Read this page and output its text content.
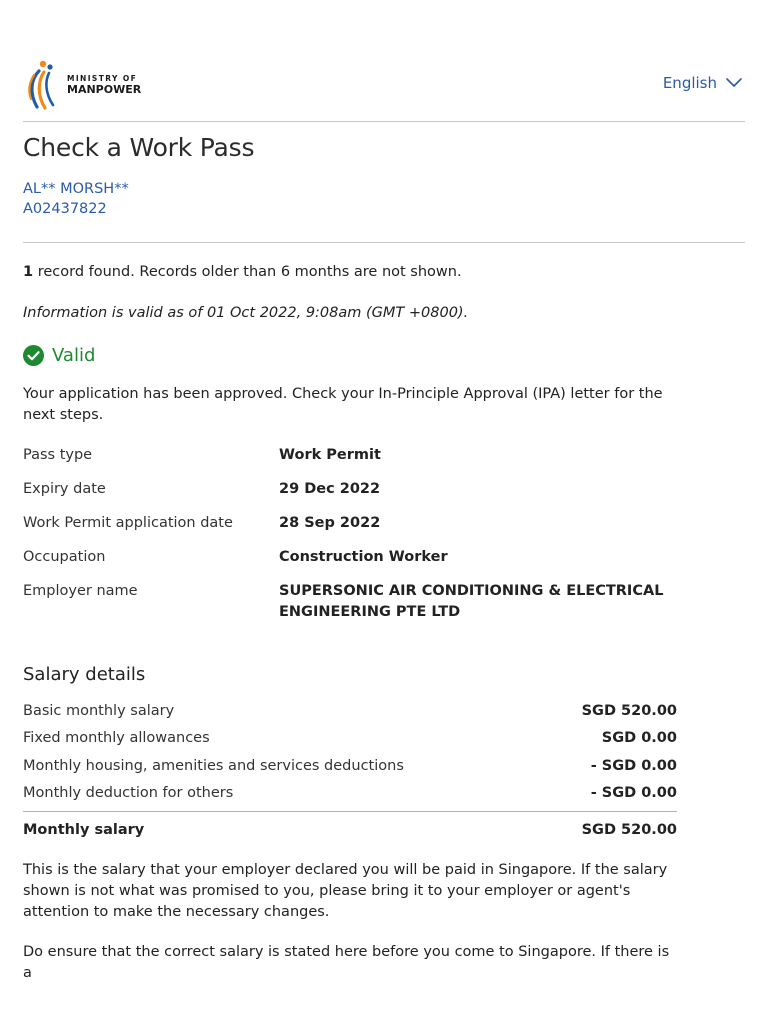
MINISTRY OF
MANPOWER	English
Check a Work Pass
AL** MORSH**
A02437822
1 record found. Records older than 6 months are not shown.
Information is valid as of 01 Oct 2022, 9:08am (GMT +0800).
Valid
Your application has been approved. Check your In-Principle Approval (IPA) letter for the next steps.
Pass type	Work Permit
Expiry date	29 Dec 2022
Work Permit application date	28 Sep 2022
Occupation	Construction Worker
Employer name	SUPERSONIC AIR CONDITIONING & ELECTRICAL ENGINEERING PTE LTD
Salary details
Basic monthly salary	SGD 520.00
Fixed monthly allowances	SGD 0.00
Monthly housing, amenities and services deductions	- SGD 0.00
Monthly deduction for others	- SGD 0.00
Monthly salary	SGD 520.00
This is the salary that your employer declared you will be paid in Singapore. If the salary shown is not what was promised to you, please bring it to your employer or agent's attention to make the necessary changes.
Do ensure that the correct salary is stated here before you come to Singapore. If there is a
